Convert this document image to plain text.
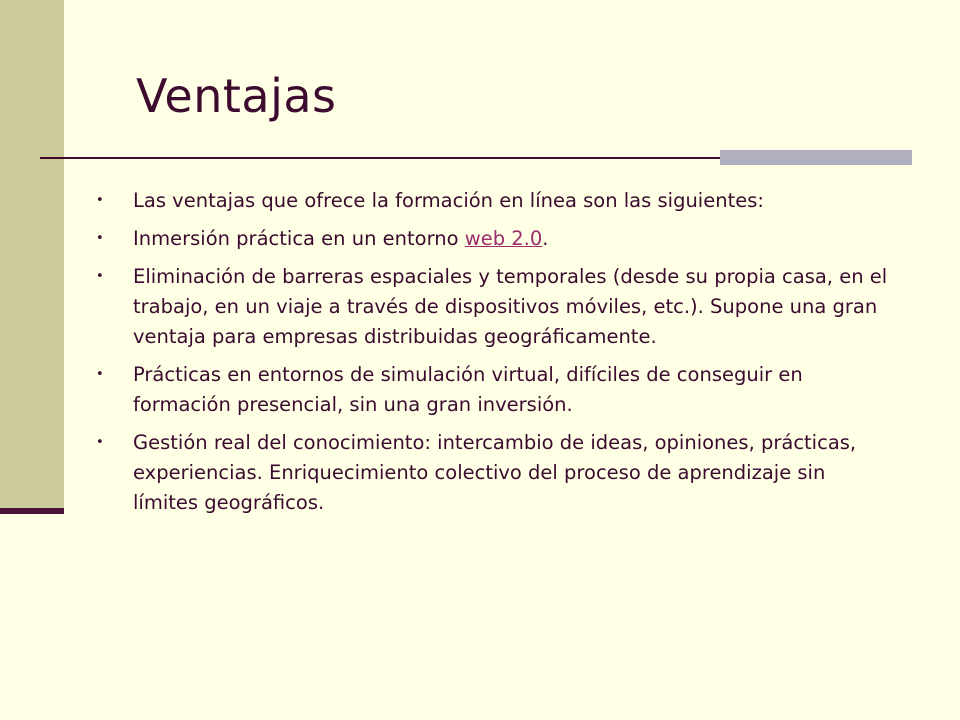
Ventajas
• Las ventajas que ofrece la formación en línea son las siguientes:
• Inmersión práctica en un entorno web 2.0.
• Eliminación de barreras espaciales y temporales (desde su propia casa, en el trabajo, en un viaje a través de dispositivos móviles, etc.). Supone una gran ventaja para empresas distribuidas geográficamente.
• Prácticas en entornos de simulación virtual, difíciles de conseguir en formación presencial, sin una gran inversión.
• Gestión real del conocimiento: intercambio de ideas, opiniones, prácticas, experiencias. Enriquecimiento colectivo del proceso de aprendizaje sin límites geográficos.
